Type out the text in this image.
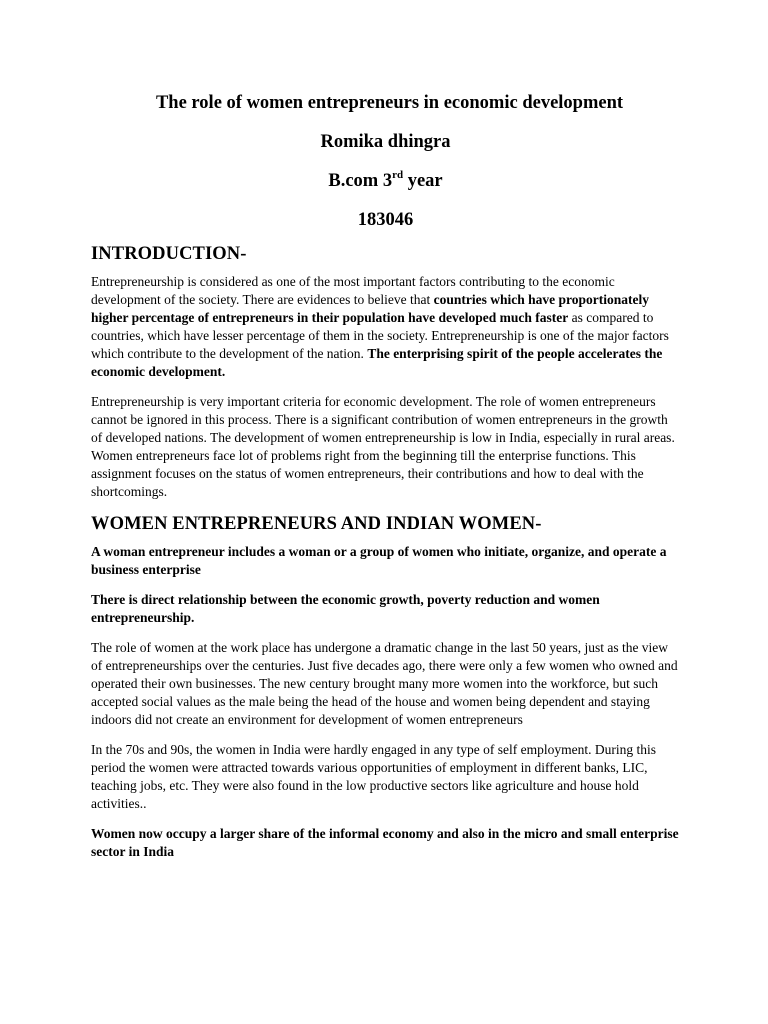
The role of women entrepreneurs in economic development

Romika dhingra

B.com 3rd year

183046

INTRODUCTION-

Entrepreneurship is considered as one of the most important factors contributing to the economic development of the society. There are evidences to believe that countries which have proportionately higher percentage of entrepreneurs in their population have developed much faster as compared to countries, which have lesser percentage of them in the society. Entrepreneurship is one of the major factors which contribute to the development of the nation. The enterprising spirit of the people accelerates the economic development.

Entrepreneurship is very important criteria for economic development. The role of women entrepreneurs cannot be ignored in this process. There is a significant contribution of women entrepreneurs in the growth of developed nations. The development of women entrepreneurship is low in India, especially in rural areas. Women entrepreneurs face lot of problems right from the beginning till the enterprise functions. This assignment focuses on the status of women entrepreneurs, their contributions and how to deal with the shortcomings.

WOMEN ENTREPRENEURS AND INDIAN WOMEN-

A woman entrepreneur includes a woman or a group of women who initiate, organize, and operate a business enterprise

There is direct relationship between the economic growth, poverty reduction and women entrepreneurship.

The role of women at the work place has undergone a dramatic change in the last 50 years, just as the view of entrepreneurships over the centuries. Just five decades ago, there were only a few women who owned and operated their own businesses. The new century brought many more women into the workforce, but such accepted social values as the male being the head of the house and women being dependent and staying indoors did not create an environment for development of women entrepreneurs

In the 70s and 90s, the women in India were hardly engaged in any type of self employment. During this period the women were attracted towards various opportunities of employment in different banks, LIC, teaching jobs, etc. They were also found in the low productive sectors like agriculture and house hold activities..

Women now occupy a larger share of the informal economy and also in the micro and small enterprise sector in India
